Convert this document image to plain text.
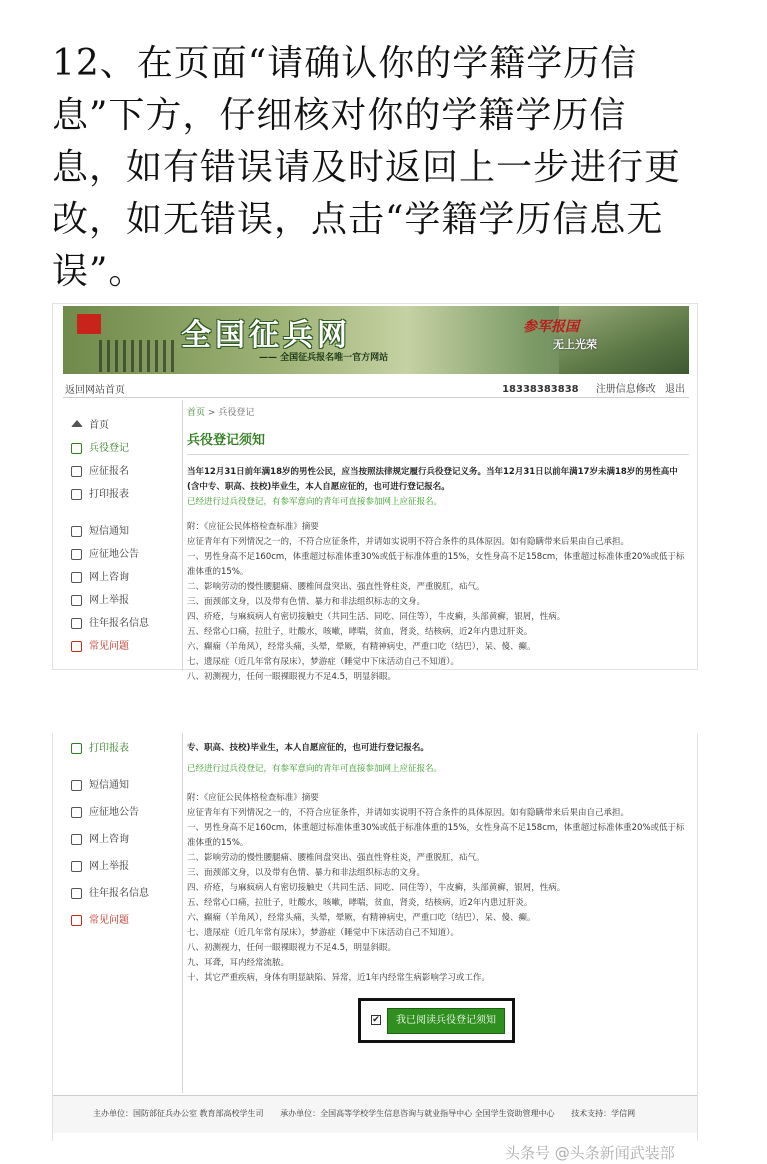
12、在页面“请确认你的学籍学历信息”下方，仔细核对你的学籍学历信息，如有错误请及时返回上一步进行更改，如无错误，点击“学籍学历信息无误”。
全国征兵网
—— 全国征兵报名唯一官方网站
参军报国
无上光荣
返回网站首页	18338383838 注册信息修改 退出
首页
兵役登记
应征报名
打印报表
短信通知
应征地公告
网上咨询
网上举报
往年报名信息
常见问题
首页 > 兵役登记
兵役登记须知

当年12月31日前年满18岁的男性公民，应当按照法律规定履行兵役登记义务。当年12月31日以前年满17岁未满18岁的男性高中(含中专、职高、技校)毕业生，本人自愿应征的，也可进行登记报名。

已经进行过兵役登记，有参军意向的青年可直接参加网上应征报名。

附：《应征公民体格检查标准》摘要

应征青年有下列情况之一的，不符合应征条件，并请如实说明不符合条件的具体原因。如有隐瞒带来后果由自己承担。

一、男性身高不足160cm，体重超过标准体重30%或低于标准体重的15%，女性身高不足158cm，体重超过标准体重20%或低于标准体重的15%。

二、影响劳动的慢性腰腿痛、腰椎间盘突出、强直性脊柱炎，严重脱肛，疝气。

三、面颈部文身，以及带有色情、暴力和非法组织标志的文身。

四、疥疮，与麻疯病人有密切接触史（共同生活、同吃、同住等），牛皮癣，头部黄癣，银屑，性病。

五、经常心口痛，拉肚子，吐酸水，咳嗽，哮喘，贫血，肾炎，结核病，近2年内患过肝炎。

六、癫痫（羊角风），经常头痛，头晕，晕厥，有精神病史，严重口吃（结巴），呆、傻、癫。

七、遗尿症（近几年常有尿床），梦游症（睡觉中下床活动自己不知道）。

八、初测视力，任何一眼裸眼视力不足4.5，明显斜眼。

打印报表
短信通知
应征地公告
网上咨询
网上举报
往年报名信息
常见问题

专、职高、技校)毕业生，本人自愿应征的，也可进行登记报名。

已经进行过兵役登记，有参军意向的青年可直接参加网上应征报名。

附：《应征公民体格检查标准》摘要

应征青年有下列情况之一的，不符合应征条件，并请如实说明不符合条件的具体原因。如有隐瞒带来后果由自己承担。

一、男性身高不足160cm，体重超过标准体重30%或低于标准体重的15%，女性身高不足158cm，体重超过标准体重20%或低于标准体重的15%。

二、影响劳动的慢性腰腿痛、腰椎间盘突出、强直性脊柱炎，严重脱肛，疝气。

三、面颈部文身，以及带有色情、暴力和非法组织标志的文身。

四、疥疮，与麻疯病人有密切接触史（共同生活、同吃、同住等），牛皮癣，头部黄癣，银屑，性病。

五、经常心口痛，拉肚子，吐酸水，咳嗽，哮喘，贫血，肾炎，结核病，近2年内患过肝炎。

六、癫痫（羊角风），经常头痛，头晕，晕厥，有精神病史，严重口吃（结巴），呆、傻、癫。

七、遗尿症（近几年常有尿床），梦游症（睡觉中下床活动自己不知道）。

八、初测视力，任何一眼裸眼视力不足4.5，明显斜眼。

九、耳聋，耳内经常流脓。

十、其它严重疾病，身体有明显缺陷、异常，近1年内经常生病影响学习或工作。

✔	我已阅读兵役登记须知
主办单位：国防部征兵办公室 教育部高校学生司 承办单位：全国高等学校学生信息咨询与就业指导中心 全国学生资助管理中心 技术支持：学信网
头条号 @头条新闻武装部
